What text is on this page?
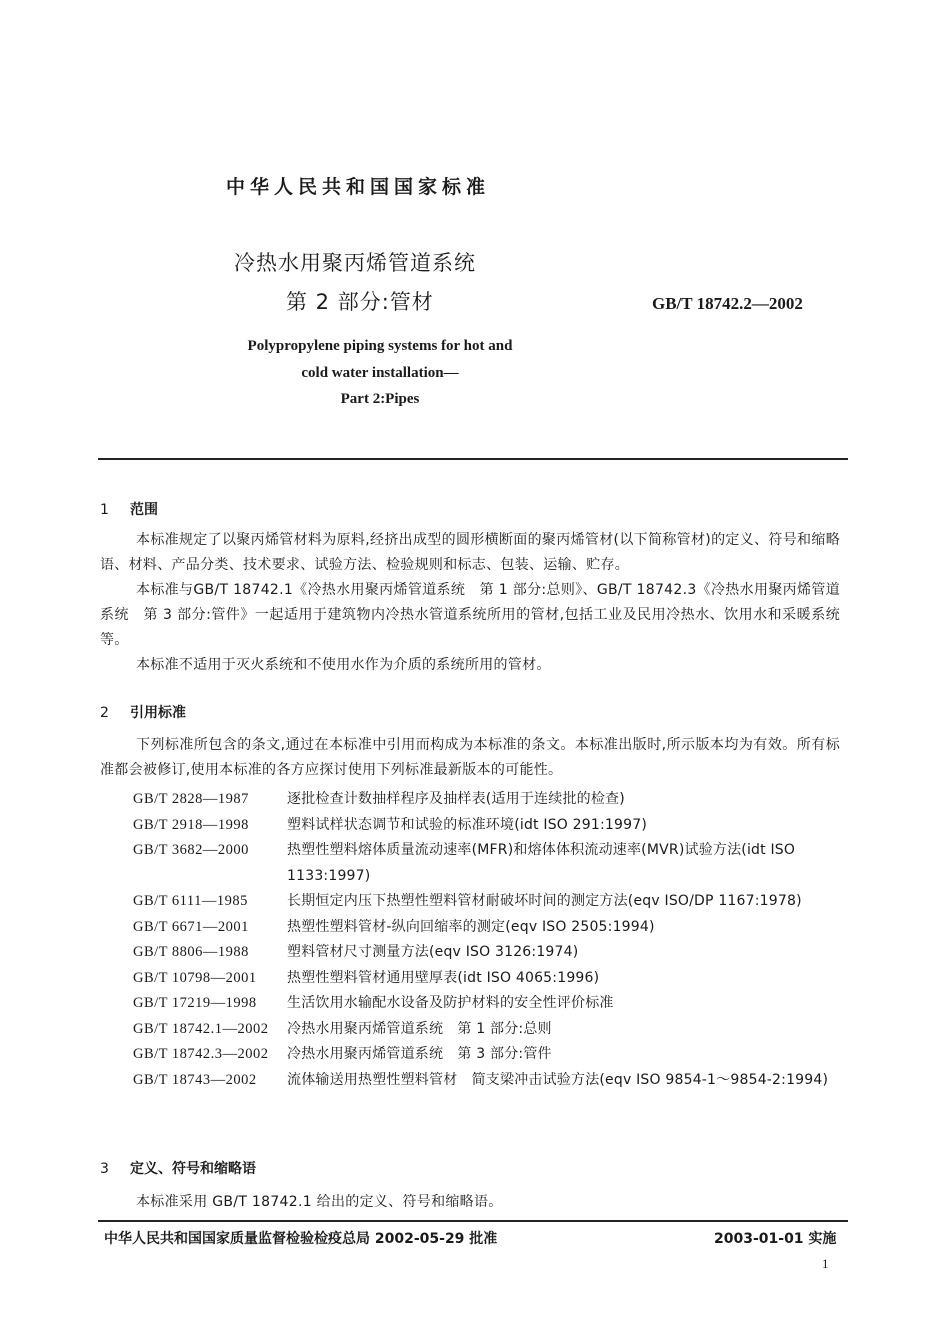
中华人民共和国国家标准
冷热水用聚丙烯管道系统
第 2 部分:管材	GB/T 18742.2—2002
Polypropylene piping systems for hot and
cold water installation—
Part 2:Pipes
1 范围

本标准规定了以聚丙烯管材料为原料,经挤出成型的圆形横断面的聚丙烯管材(以下简称管材)的定义、符号和缩略语、材料、产品分类、技术要求、试验方法、检验规则和标志、包装、运输、贮存。

本标准与GB/T 18742.1《冷热水用聚丙烯管道系统　第 1 部分:总则》、GB/T 18742.3《冷热水用聚丙烯管道系统　第 3 部分:管件》一起适用于建筑物内冷热水管道系统所用的管材,包括工业及民用冷热水、饮用水和采暖系统等。

本标准不适用于灭火系统和不使用水作为介质的系统所用的管材。

2 引用标准

下列标准所包含的条文,通过在本标准中引用而构成为本标准的条文。本标准出版时,所示版本均为有效。所有标准都会被修订,使用本标准的各方应探讨使用下列标准最新版本的可能性。

GB/T 2828—1987	逐批检查计数抽样程序及抽样表(适用于连续批的检查)
GB/T 2918—1998	塑料试样状态调节和试验的标准环境(idt ISO 291:1997)
GB/T 3682—2000	热塑性塑料熔体质量流动速率(MFR)和熔体体积流动速率(MVR)试验方法(idt ISO 1133:1997)
GB/T 6111—1985	长期恒定内压下热塑性塑料管材耐破坏时间的测定方法(eqv ISO/DP 1167:1978)
GB/T 6671—2001	热塑性塑料管材-纵向回缩率的测定(eqv ISO 2505:1994)
GB/T 8806—1988	塑料管材尺寸测量方法(eqv ISO 3126:1974)
GB/T 10798—2001	热塑性塑料管材通用壁厚表(idt ISO 4065:1996)
GB/T 17219—1998	生活饮用水输配水设备及防护材料的安全性评价标准
GB/T 18742.1—2002	冷热水用聚丙烯管道系统　第 1 部分:总则
GB/T 18742.3—2002	冷热水用聚丙烯管道系统　第 3 部分:管件
GB/T 18743—2002	流体输送用热塑性塑料管材　简支梁冲击试验方法(eqv ISO 9854-1～9854-2:1994)
3 定义、符号和缩略语

本标准采用 GB/T 18742.1 给出的定义、符号和缩略语。

中华人民共和国国家质量监督检验检疫总局 2002-05-29 批准	2003-01-01 实施
1
